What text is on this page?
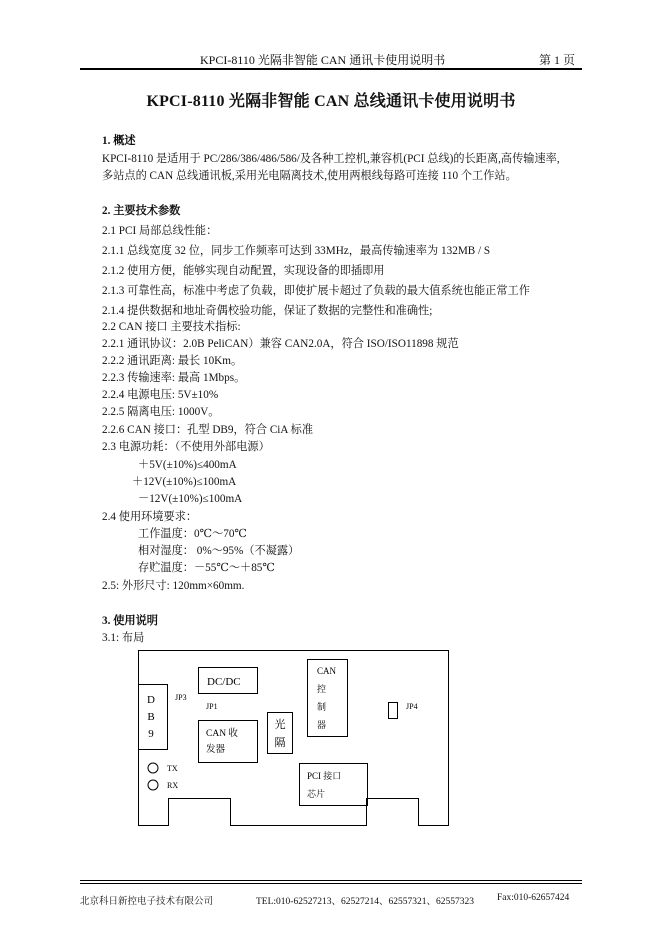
KPCI-8110 光隔非智能 CAN 通讯卡使用说明书	第 1 页
KPCI-8110 光隔非智能 CAN 总线通讯卡使用说明书
1. 概述
KPCI-8110 是适用于 PC/286/386/486/586/及各种工控机,兼容机(PCI 总线)的长距离,高传输速率,
多站点的 CAN 总线通讯板,采用光电隔离技术,使用两根线每路可连接 110 个工作站。
2. 主要技术参数
2.1 PCI 局部总线性能：
2.1.1 总线宽度 32 位，同步工作频率可达到 33MHz，最高传输速率为 132MB / S
2.1.2 使用方便，能够实现自动配置，实现设备的即插即用
2.1.3 可靠性高，标准中考虑了负载，即使扩展卡超过了负载的最大值系统也能正常工作
2.1.4 提供数据和地址奇偶校验功能，保证了数据的完整性和准确性;
2.2 CAN 接口 主要技术指标:
2.2.1 通讯协议：2.0B PeliCAN）兼容 CAN2.0A，符合 ISO/ISO11898 规范
2.2.2 通讯距离: 最长 10Km。
2.2.3 传输速率: 最高 1Mbps。
2.2.4 电源电压: 5V±10%
2.2.5 隔离电压: 1000V。
2.2.6 CAN 接口：孔型 DB9，符合 CiA 标准
2.3 电源功耗：（不使用外部电源）
＋5V(±10%)≤400mA
＋12V(±10%)≤100mA
－12V(±10%)≤100mA
2.4 使用环境要求：
工作温度：0℃～70℃
相对湿度： 0%～95%（不凝露）
存贮温度：－55℃～＋85℃
2.5: 外形尺寸: 120mm×60mm.
3. 使用说明
3.1: 布局
D
B
9
JP3
DC/DC
JP1
CAN 收
发器
光
隔
CAN
控
制
器
JP4
TX
RX
PCI 接口
芯片
北京科日新控电子技术有限公司	TEL:010-62527213、62527214、62557321、62557323 Fax:010-62657424
